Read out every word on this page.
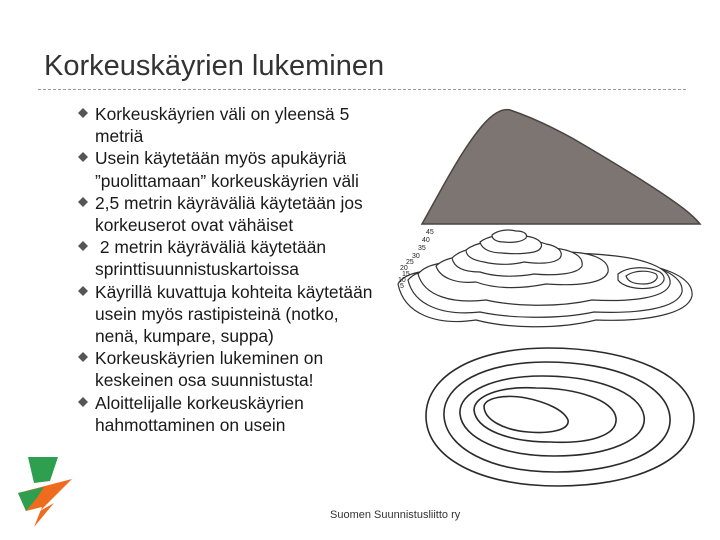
Korkeuskäyrien lukeminen
Korkeuskäyrien väli on yleensä 5 metriä
Usein käytetään myös apukäyriä ”puolittamaan” korkeuskäyrien väli
2,5 metrin käyräväliä käytetään jos korkeuserot ovat vähäiset
2 metrin käyräväliä käytetään sprinttisuunnistuskartoissa
Käyrillä kuvattuja kohteita käytetään usein myös rastipisteinä (notko, nenä, kumpare, suppa)
Korkeuskäyrien lukeminen on keskeinen osa suunnistusta!
Aloittelijalle korkeuskäyrien hahmottaminen on usein
45
40
35
30
25
20
15
10
5
Suomen Suunnistusliitto ry
